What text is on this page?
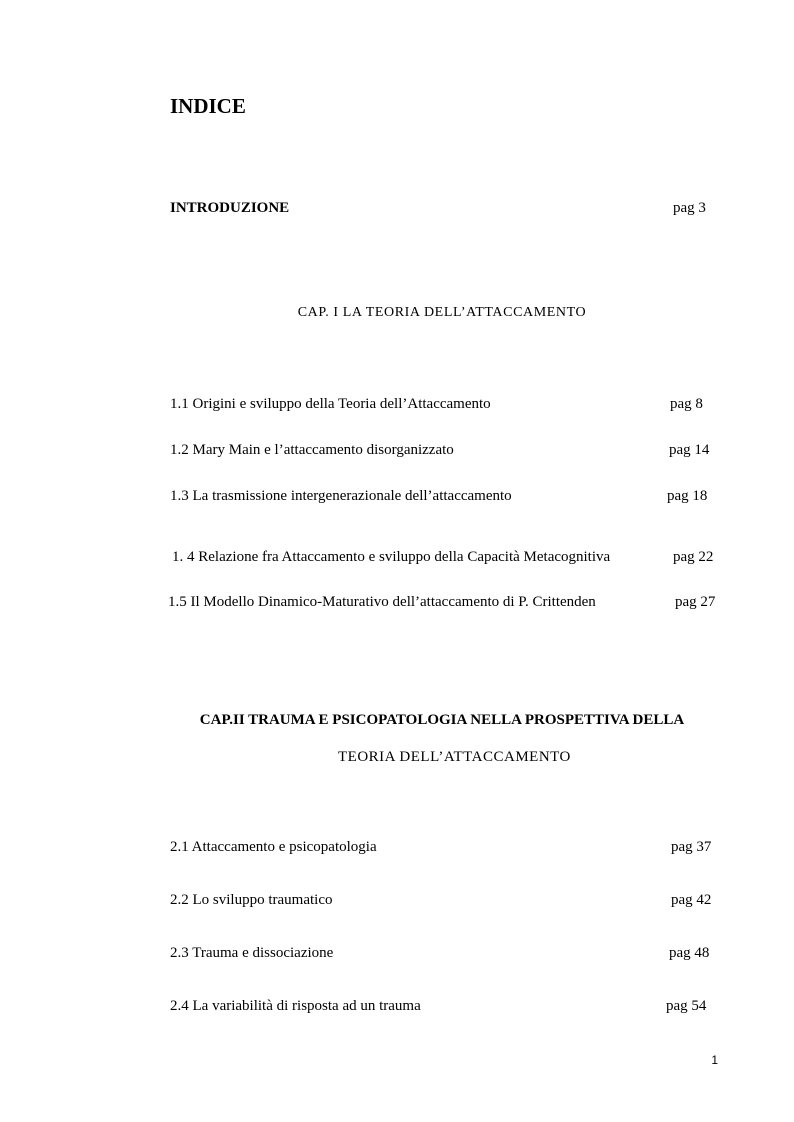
INDICE
INTRODUZIONE	pag 3
CAP. I LA TEORIA DELL’ATTACCAMENTO
1.1 Origini e sviluppo della Teoria dell’Attaccamento	pag 8
1.2 Mary Main e l’attaccamento disorganizzato	pag 14
1.3 La trasmissione intergenerazionale dell’attaccamento	pag 18
1. 4 Relazione fra Attaccamento e sviluppo della Capacità Metacognitiva	pag 22
1.5 Il Modello Dinamico-Maturativo dell’attaccamento di P. Crittenden	pag 27
CAP.II TRAUMA E PSICOPATOLOGIA NELLA PROSPETTIVA DELLA
TEORIA DELL’ATTACCAMENTO
2.1 Attaccamento e psicopatologia	pag 37
2.2 Lo sviluppo traumatico	pag 42
2.3 Trauma e dissociazione	pag 48
2.4 La variabilità di risposta ad un trauma	pag 54
1
